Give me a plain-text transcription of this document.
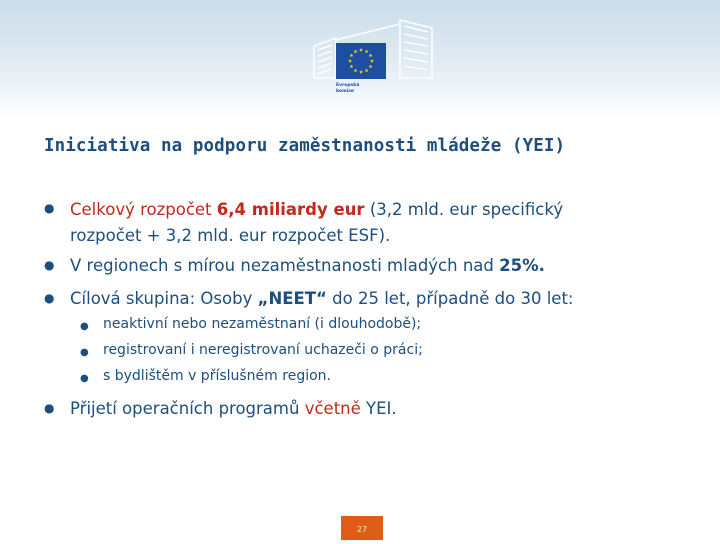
Evropská
komise
Iniciativa na podporu zaměstnanosti mládeže (YEI)
● Celkový rozpočet 6,4 miliardy eur (3,2 mld. eur specifický
rozpočet + 3,2 mld. eur rozpočet ESF).
● V regionech s mírou nezaměstnanosti mladých nad 25%.
● Cílová skupina: Osoby „NEET“ do 25 let, případně do 30 let:
● neaktivní nebo nezaměstnaní (i dlouhodobě);
● registrovaní i neregistrovaní uchazeči o práci;
● s bydlištěm v příslušném region.
● Přijetí operačních programů včetně YEI.
27
